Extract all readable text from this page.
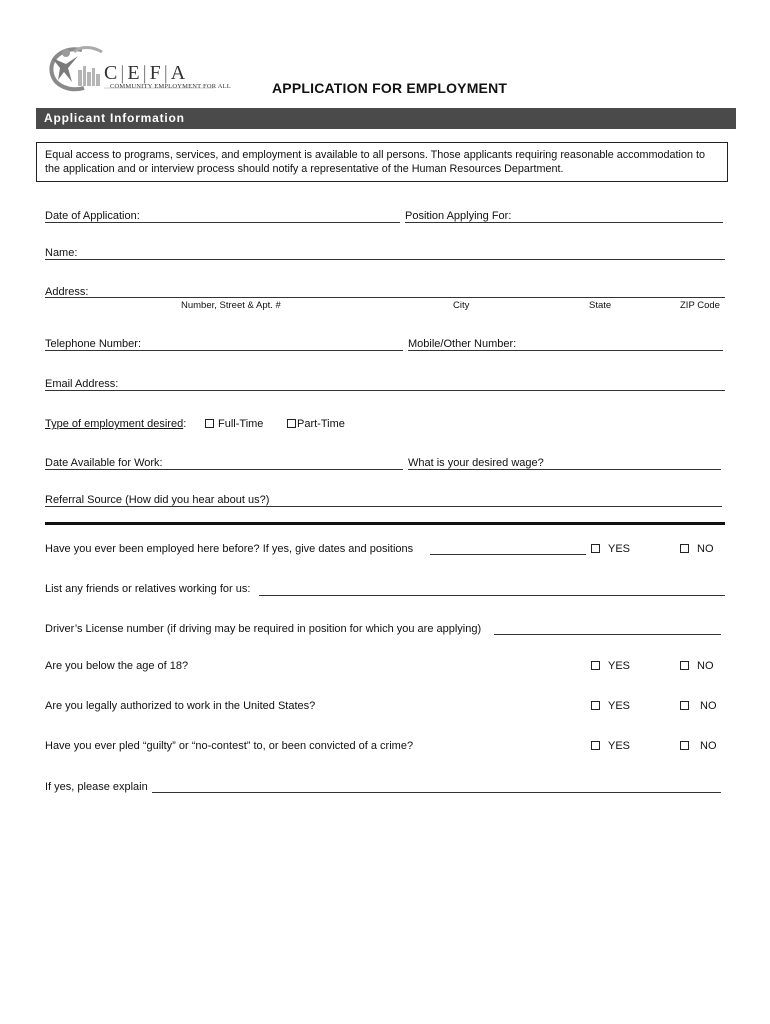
C | E | F | A
COMMUNITY EMPLOYMENT FOR ALL	APPLICATION FOR EMPLOYMENT
Applicant Information
Equal access to programs, services, and employment is available to all persons. Those applicants requiring reasonable accommodation to the application and or interview process should notify a representative of the Human Resources Department.
Date of Application:	Position Applying For:
Name:
Address:
Number, Street & Apt. #	City	State	ZIP Code
Telephone Number:	Mobile/Other Number:
Email Address:
Type of employment desired:	Full-Time	Part-Time
Date Available for Work:	What is your desired wage?
Referral Source (How did you hear about us?)
Have you ever been employed here before? If yes, give dates and positions	YES	NO
List any friends or relatives working for us:
Driver’s License number (if driving may be required in position for which you are applying)
Are you below the age of 18?	YES	NO
Are you legally authorized to work in the United States?	YES	NO
Have you ever pled “guilty” or “no-contest” to, or been convicted of a crime?	YES	NO
If yes, please explain
